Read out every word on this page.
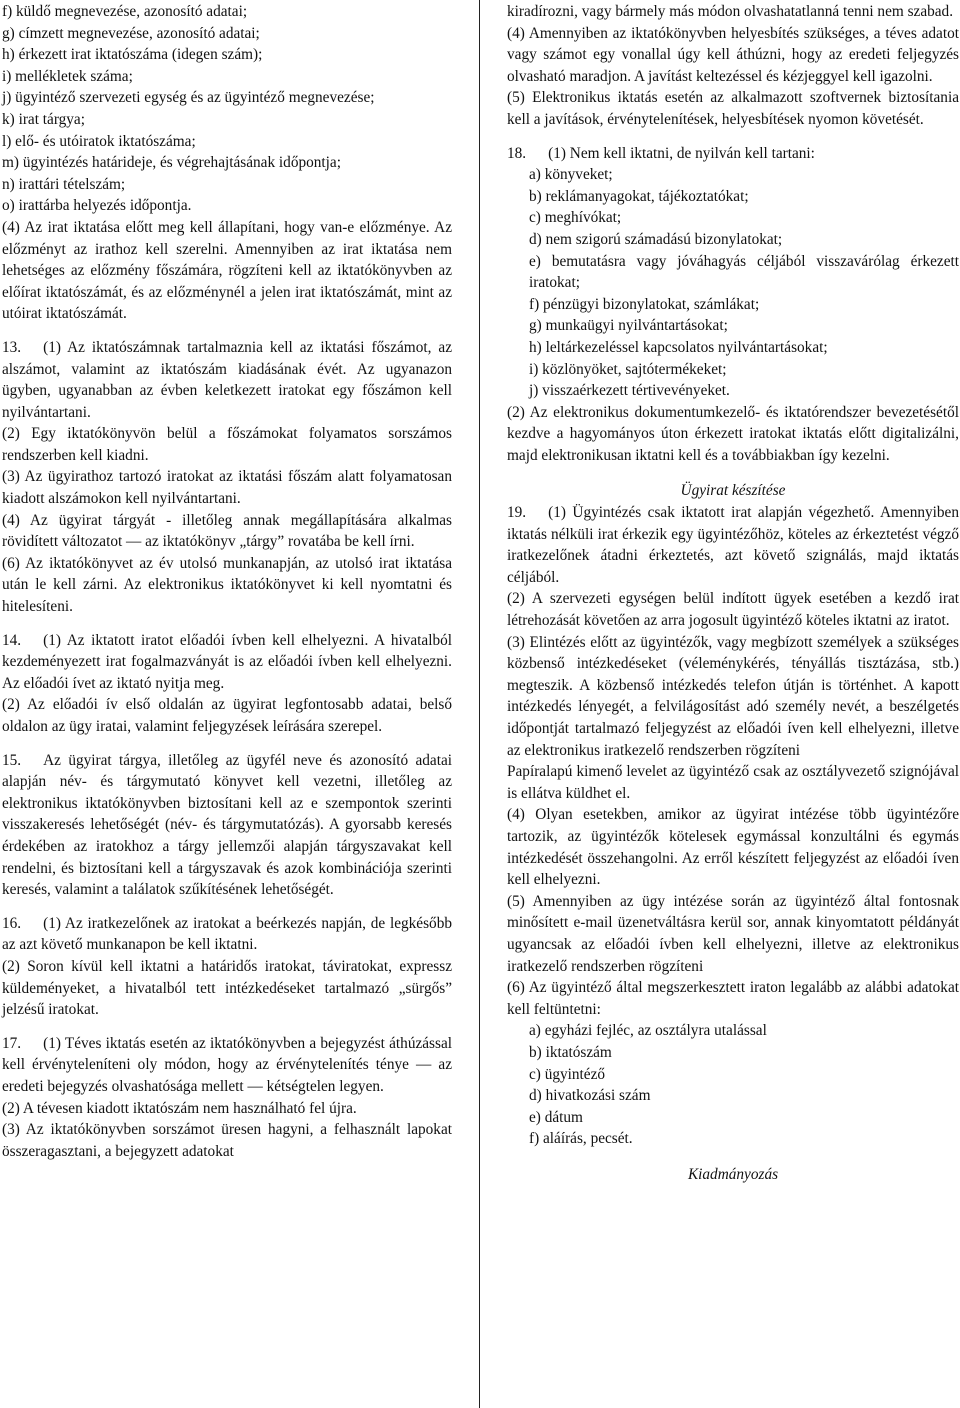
f) küldő megnevezése, azonosító adatai;

g) címzett megnevezése, azonosító adatai;

h) érkezett irat iktatószáma (idegen szám);

i) mellékletek száma;

j) ügyintéző szervezeti egység és az ügyintéző megnevezése;

k) irat tárgya;

l) elő- és utóiratok iktatószáma;

m) ügyintézés határideje, és végrehajtásának időpontja;

n) irattári tételszám;

o) irattárba helyezés időpontja.

(4) Az irat iktatása előtt meg kell állapítani, hogy van-e előzménye. Az előzményt az irathoz kell szerelni. Amennyiben az irat iktatása nem lehetséges az előzmény főszámára, rögzíteni kell az iktatókönyvben az előírat iktatószámát, és az előzménynél a jelen irat iktatószámát, mint az utóirat iktatószámát.

13. (1) Az iktatószámnak tartalmaznia kell az iktatási főszámot, az alszámot, valamint az iktatószám kiadásának évét. Az ugyanazon ügyben, ugyanabban az évben keletkezett iratokat egy főszámon kell nyilvántartani.

(2) Egy iktatókönyvön belül a főszámokat folyamatos sorszámos rendszerben kell kiadni.

(3) Az ügyirathoz tartozó iratokat az iktatási főszám alatt folyamatosan kiadott alszámokon kell nyilvántartani.

(4) Az ügyirat tárgyát - illetőleg annak megállapítására alkalmas rövidített változatot ― az iktatókönyv „tárgy” rovatába be kell írni.

(6) Az iktatókönyvet az év utolsó munkanapján, az utolsó irat iktatása után le kell zárni. Az elektronikus iktatókönyvet ki kell nyomtatni és hitelesíteni.

14. (1) Az iktatott iratot előadói ívben kell elhelyezni. A hivatalból kezdeményezett irat fogalmazványát is az előadói ívben kell elhelyezni. Az előadói ívet az iktató nyitja meg.

(2) Az előadói ív első oldalán az ügyirat legfontosabb adatai, belső oldalon az ügy iratai, valamint feljegyzések leírására szerepel.

15. Az ügyirat tárgya, illetőleg az ügyfél neve és azonosító adatai alapján név- és tárgymutató könyvet kell vezetni, illetőleg az elektronikus iktatókönyvben biztosítani kell az e szempontok szerinti visszakeresés lehetőségét (név- és tárgymutatózás). A gyorsabb keresés érdekében az iratokhoz a tárgy jellemzői alapján tárgyszavakat kell rendelni, és biztosítani kell a tárgyszavak és azok kombinációja szerinti keresés, valamint a találatok szűkítésének lehetőségét.

16. (1) Az iratkezelőnek az iratokat a beérkezés napján, de legkésőbb az azt követő munkanapon be kell iktatni.

(2) Soron kívül kell iktatni a határidős iratokat, táviratokat, expressz küldeményeket, a hivatalból tett intézkedéseket tartalmazó „sürgős” jelzésű iratokat.

17. (1) Téves iktatás esetén az iktatókönyvben a bejegyzést áthúzással kell érvényteleníteni oly módon, hogy az érvénytelenítés ténye ― az eredeti bejegyzés olvashatósága mellett ― kétségtelen legyen.

(2) A tévesen kiadott iktatószám nem használható fel újra.

(3) Az iktatókönyvben sorszámot üresen hagyni, a felhasznált lapokat összeragasztani, a bejegyzett adatokat

kiradírozni, vagy bármely más módon olvashatatlanná tenni nem szabad.

(4) Amennyiben az iktatókönyvben helyesbítés szükséges, a téves adatot vagy számot egy vonallal úgy kell áthúzni, hogy az eredeti feljegyzés olvasható maradjon. A javítást keltezéssel és kézjeggyel kell igazolni.

(5) Elektronikus iktatás esetén az alkalmazott szoftvernek biztosítania kell a javítások, érvénytelenítések, helyesbítések nyomon követését.

18. (1) Nem kell iktatni, de nyilván kell tartani:

a) könyveket;

b) reklámanyagokat, tájékoztatókat;

c) meghívókat;

d) nem szigorú számadású bizonylatokat;

e) bemutatásra vagy jóváhagyás céljából visszavárólag érkezett iratokat;

f) pénzügyi bizonylatokat, számlákat;

g) munkaügyi nyilvántartásokat;

h) leltárkezeléssel kapcsolatos nyilvántartásokat;

i) közlönyöket, sajtótermékeket;

j) visszaérkezett tértivevényeket.

(2) Az elektronikus dokumentumkezelő- és iktatórendszer bevezetésétől kezdve a hagyományos úton érkezett iratokat iktatás előtt digitalizálni, majd elektronikusan iktatni kell és a továbbiakban így kezelni.

Ügyirat készítése

19. (1) Ügyintézés csak iktatott irat alapján végezhető. Amennyiben iktatás nélküli irat érkezik egy ügyintézőhöz, köteles az érkeztetést végző iratkezelőnek átadni érkeztetés, azt követő szignálás, majd iktatás céljából.

(2) A szervezeti egységen belül indított ügyek esetében a kezdő irat létrehozását követően az arra jogosult ügyintéző köteles iktatni az iratot.

(3) Elintézés előtt az ügyintézők, vagy megbízott személyek a szükséges közbenső intézkedéseket (véleménykérés, tényállás tisztázása, stb.) megteszik. A közbenső intézkedés telefon útján is történhet. A kapott intézkedés lényegét, a felvilágosítást adó személy nevét, a beszélgetés időpontját tartalmazó feljegyzést az előadói íven kell elhelyezni, illetve az elektronikus iratkezelő rendszerben rögzíteni

Papíralapú kimenő levelet az ügyintéző csak az osztályvezető szignójával is ellátva küldhet el.

(4) Olyan esetekben, amikor az ügyirat intézése több ügyintézőre tartozik, az ügyintézők kötelesek egymással konzultálni és egymás intézkedését összehangolni. Az erről készített feljegyzést az előadói íven kell elhelyezni.

(5) Amennyiben az ügy intézése során az ügyintéző által fontosnak minősített e-mail üzenetváltásra kerül sor, annak kinyomtatott példányát ugyancsak az előadói ívben kell elhelyezni, illetve az elektronikus iratkezelő rendszerben rögzíteni

(6) Az ügyintéző által megszerkesztett iraton legalább az alábbi adatokat kell feltüntetni:

a) egyházi fejléc, az osztályra utalással

b) iktatószám

c) ügyintéző

d) hivatkozási szám

e) dátum

f) aláírás, pecsét.

Kiadmányozás
